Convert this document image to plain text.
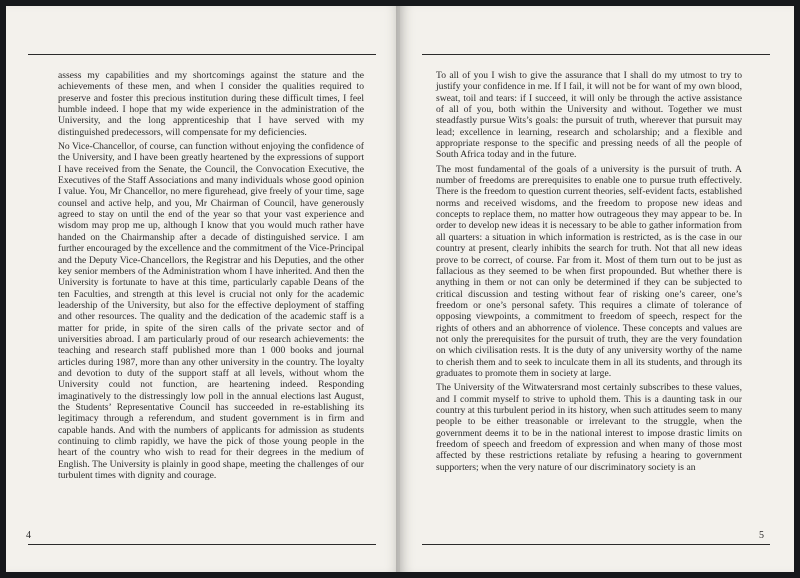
assess my capabilities and my shortcomings against the stature and the achievements of these men, and when I consider the qualities required to preserve and foster this precious institution during these difficult times, I feel humble indeed. I hope that my wide experience in the administration of the University, and the long apprenticeship that I have served with my distinguished predecessors, will compensate for my deficiencies.

No Vice-Chancellor, of course, can function without enjoying the confidence of the University, and I have been greatly heartened by the expressions of support I have received from the Senate, the Council, the Convocation Executive, the Executives of the Staff Associations and many individuals whose good opinion I value. You, Mr Chancellor, no mere figurehead, give freely of your time, sage counsel and active help, and you, Mr Chairman of Council, have generously agreed to stay on until the end of the year so that your vast experience and wisdom may prop me up, although I know that you would much rather have handed on the Chairmanship after a decade of distinguished service. I am further encouraged by the excellence and the commitment of the Vice-Principal and the Deputy Vice-Chancellors, the Registrar and his Deputies, and the other key senior members of the Administration whom I have inherited. And then the University is fortunate to have at this time, particularly capable Deans of the ten Faculties, and strength at this level is crucial not only for the academic leadership of the University, but also for the effective deployment of staffing and other resources. The quality and the dedication of the academic staff is a matter for pride, in spite of the siren calls of the private sector and of universities abroad. I am particularly proud of our research achievements: the teaching and research staff published more than 1 000 books and journal articles during 1987, more than any other university in the country. The loyalty and devotion to duty of the support staff at all levels, without whom the University could not function, are heartening indeed. Responding imaginatively to the distressingly low poll in the annual elections last August, the Students’ Representative Council has succeeded in re-establishing its legitimacy through a referendum, and student government is in firm and capable hands. And with the numbers of applicants for admission as students continuing to climb rapidly, we have the pick of those young people in the heart of the country who wish to read for their degrees in the medium of English. The University is plainly in good shape, meeting the challenges of our turbulent times with dignity and courage.

4

To all of you I wish to give the assurance that I shall do my utmost to try to justify your confidence in me. If I fail, it will not be for want of my own blood, sweat, toil and tears: if I succeed, it will only be through the active assistance of all of you, both within the University and without. Together we must steadfastly pursue Wits’s goals: the pursuit of truth, wherever that pursuit may lead; excellence in learning, research and scholarship; and a flexible and appropriate response to the specific and pressing needs of all the people of South Africa today and in the future.

The most fundamental of the goals of a university is the pursuit of truth. A number of freedoms are prerequisites to enable one to pursue truth effectively. There is the freedom to question current theories, self-evident facts, established norms and received wisdoms, and the freedom to propose new ideas and concepts to replace them, no matter how outrageous they may appear to be. In order to develop new ideas it is necessary to be able to gather information from all quarters: a situation in which information is restricted, as is the case in our country at present, clearly inhibits the search for truth. Not that all new ideas prove to be correct, of course. Far from it. Most of them turn out to be just as fallacious as they seemed to be when first propounded. But whether there is anything in them or not can only be determined if they can be subjected to critical discussion and testing without fear of risking one’s career, one’s freedom or one’s personal safety. This requires a climate of tolerance of opposing viewpoints, a commitment to freedom of speech, respect for the rights of others and an abhorrence of violence. These concepts and values are not only the prerequisites for the pursuit of truth, they are the very foundation on which civilisation rests. It is the duty of any university worthy of the name to cherish them and to seek to inculcate them in all its students, and through its graduates to promote them in society at large.

The University of the Witwatersrand most certainly subscribes to these values, and I commit myself to strive to uphold them. This is a daunting task in our country at this turbulent period in its history, when such attitudes seem to many people to be either treasonable or irrelevant to the struggle, when the government deems it to be in the national interest to impose drastic limits on freedom of speech and freedom of expression and when many of those most affected by these restrictions retaliate by refusing a hearing to government supporters; when the very nature of our discriminatory society is an

5
